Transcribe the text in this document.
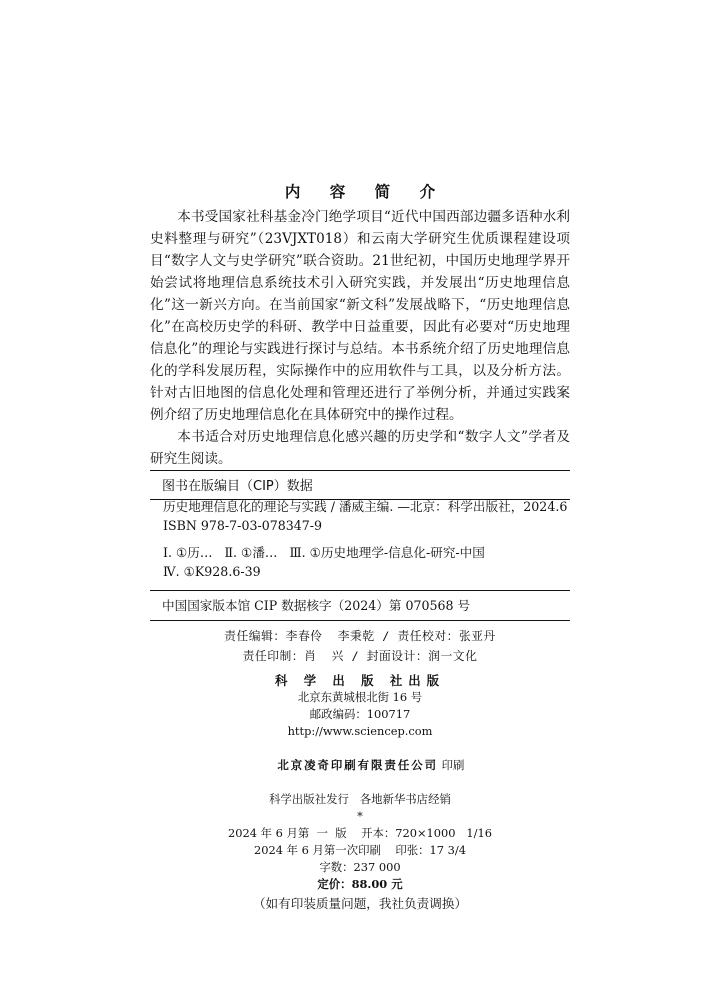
内 容 简 介

本书受国家社科基金冷门绝学项目“近代中国西部边疆多语种水利史料整理与研究”（23VJXT018）和云南大学研究生优质课程建设项目“数字人文与史学研究”联合资助。21世纪初，中国历史地理学界开始尝试将地理信息系统技术引入研究实践，并发展出“历史地理信息化”这一新兴方向。在当前国家“新文科”发展战略下，“历史地理信息化”在高校历史学的科研、教学中日益重要，因此有必要对“历史地理信息化”的理论与实践进行探讨与总结。本书系统介绍了历史地理信息化的学科发展历程，实际操作中的应用软件与工具，以及分析方法。针对古旧地图的信息化处理和管理还进行了举例分析，并通过实践案例介绍了历史地理信息化在具体研究中的操作过程。

本书适合对历史地理信息化感兴趣的历史学和“数字人文”学者及研究生阅读。

图书在版编目（CIP）数据
历史地理信息化的理论与实践 / 潘威主编. —北京：科学出版社，2024.6
ISBN 978-7-03-078347-9
Ⅰ. ①历…   Ⅱ. ①潘…   Ⅲ. ①历史地理学-信息化-研究-中国
Ⅳ. ①K928.6-39
中国国家版本馆 CIP 数据核字（2024）第 070568 号
责任编辑：李春伶  李秉乾 / 责任校对：张亚丹
责任印制：肖  兴 / 封面设计：润一文化
科 学 出 版 社出版
北京东黄城根北街 16 号
邮政编码：100717
http://www.sciencep.com

北京凌奇印刷有限责任公司 印刷

科学出版社发行   各地新华书店经销
*
2024 年 6 月第  一  版    开本：720×1000   1/16
2024 年 6 月第一次印刷    印张：17 3/4
字数：237 000
定价：88.00 元
（如有印装质量问题，我社负责调换）
